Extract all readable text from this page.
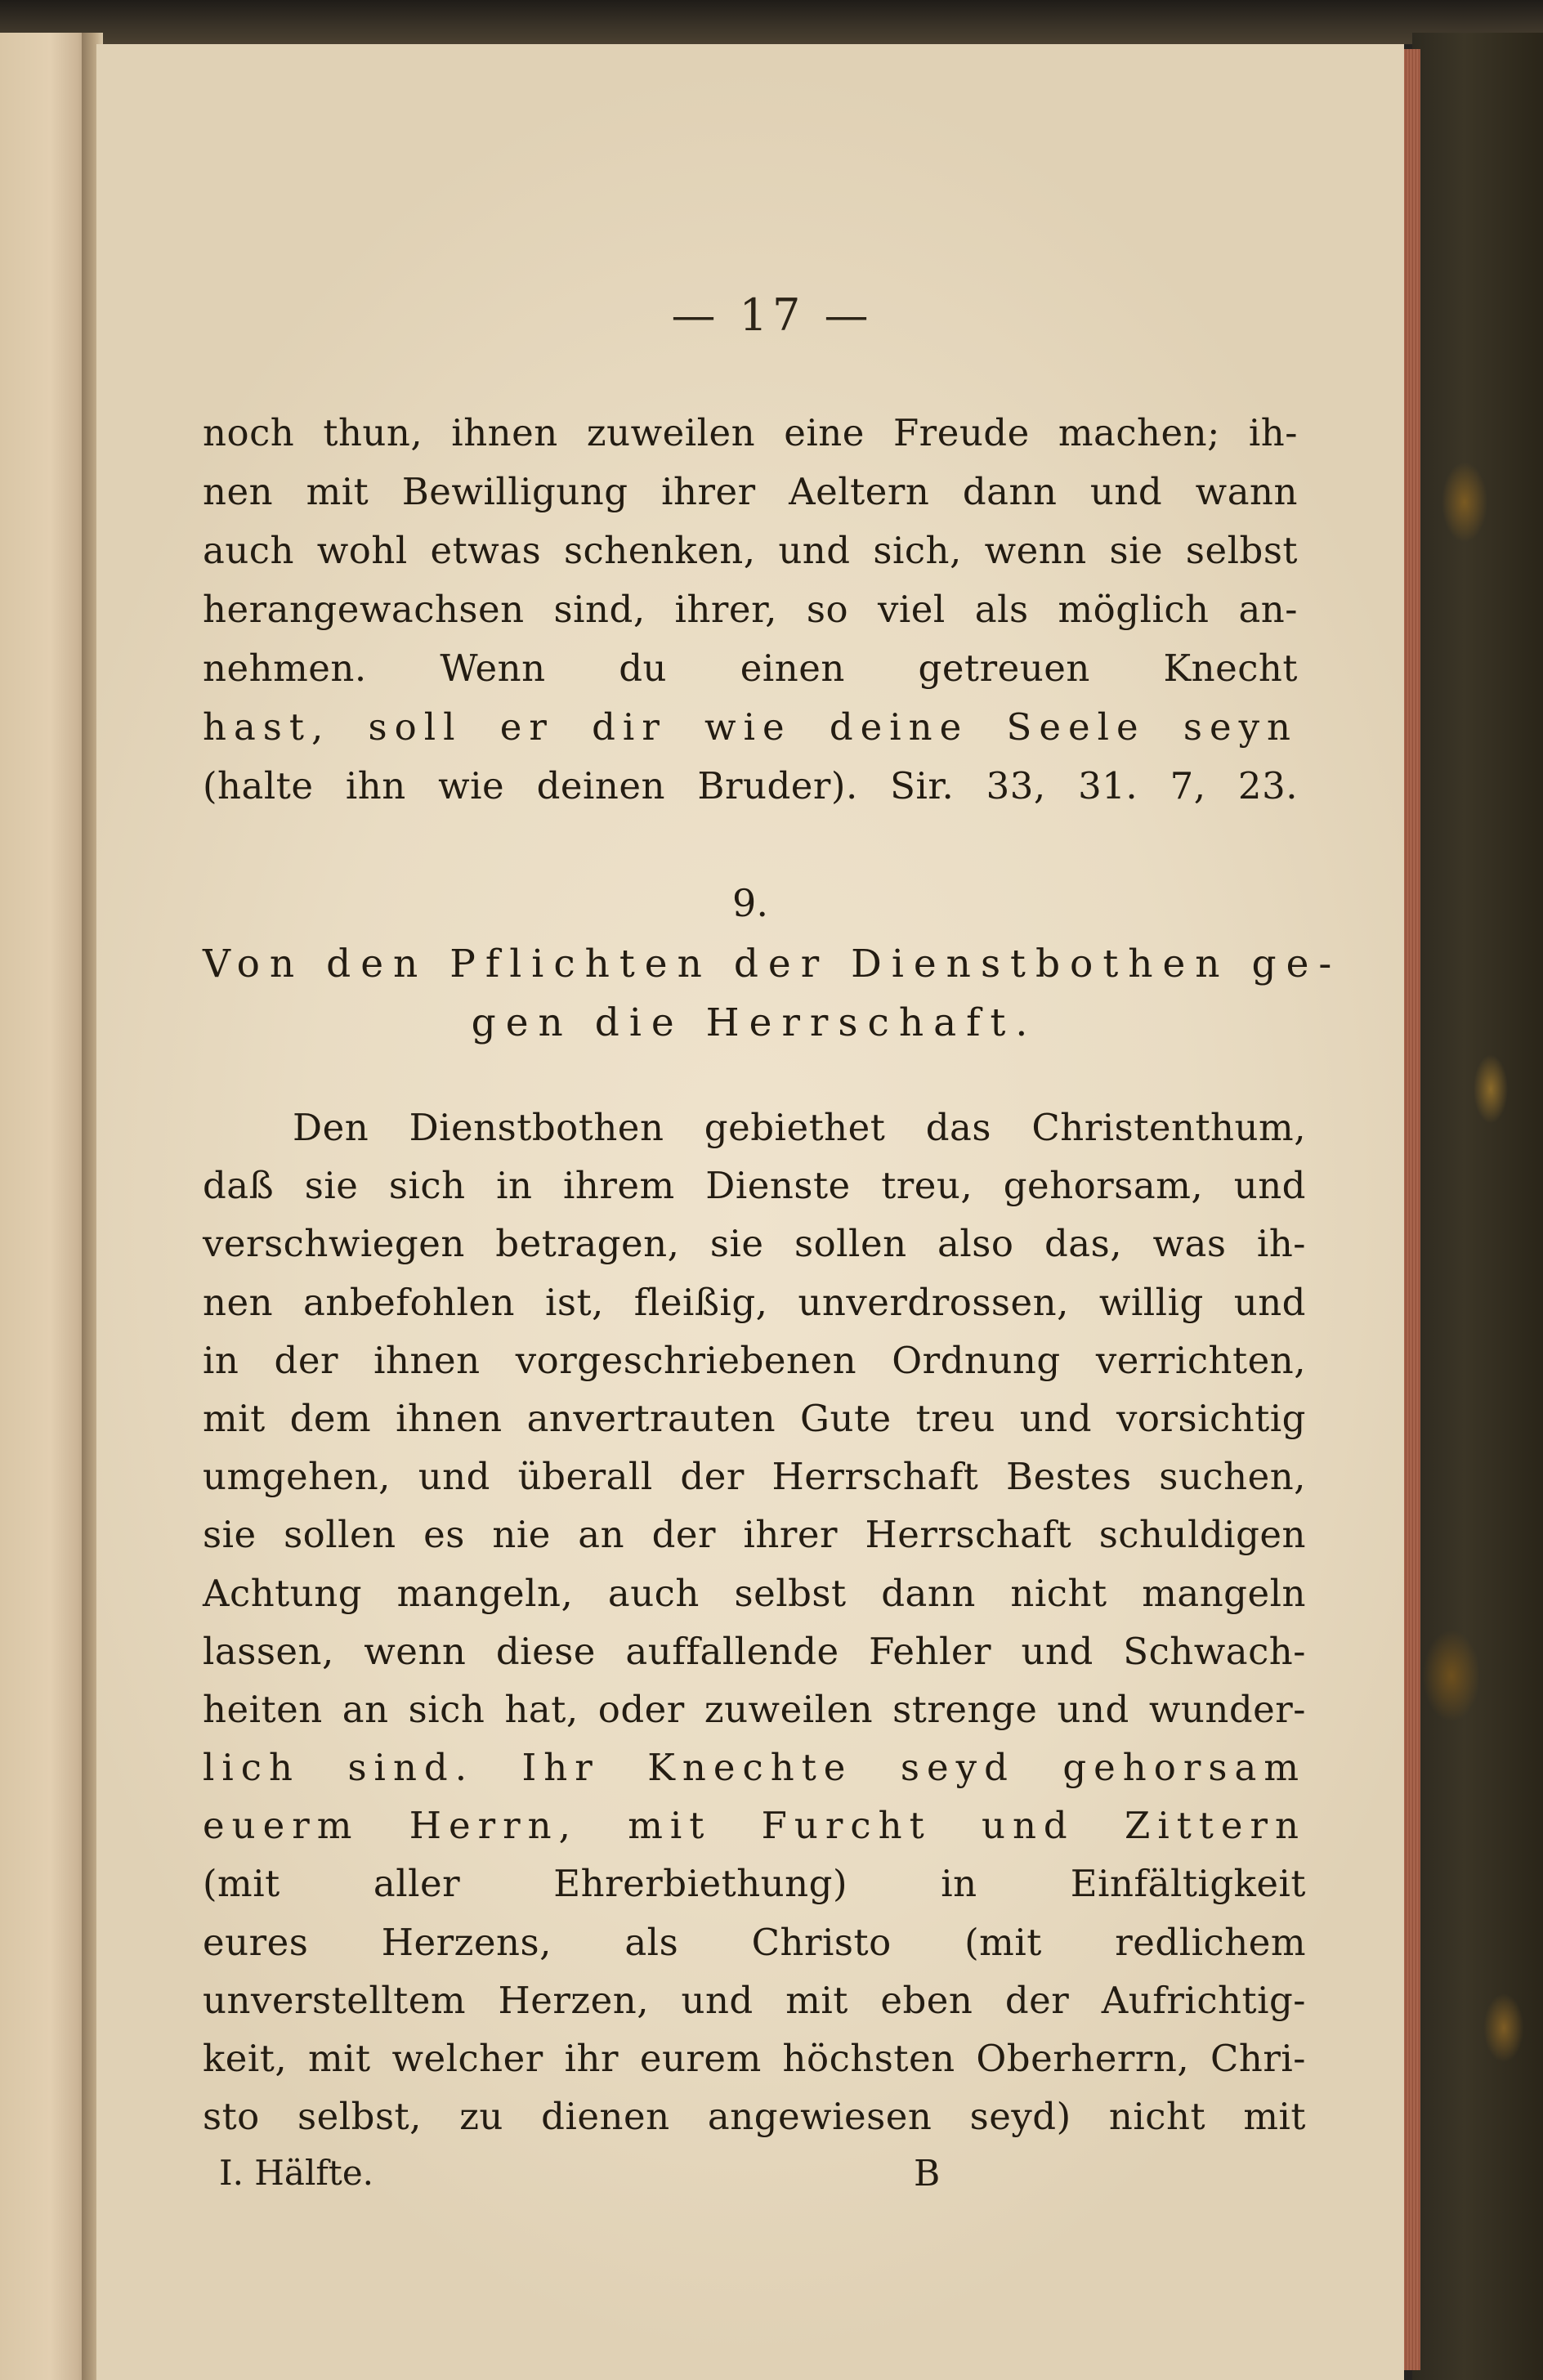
— 17 —
noch thun, ihnen zuweilen eine Freude machen; ih-
nen mit Bewilligung ihrer Aeltern dann und wann
auch wohl etwas schenken, und sich, wenn sie selbst
herangewachsen sind, ihrer, so viel als möglich an-
nehmen. Wenn du einen getreuen Knecht
hast, soll er dir wie deine Seele seyn
(halte ihn wie deinen Bruder). Sir. 33, 31. 7, 23.
9.
Von den Pflichten der Dienstbothen ge-
gen die Herrschaft.
Den Dienstbothen gebiethet das Christenthum,
daß sie sich in ihrem Dienste treu, gehorsam, und
verschwiegen betragen, sie sollen also das, was ih-
nen anbefohlen ist, fleißig, unverdrossen, willig und
in der ihnen vorgeschriebenen Ordnung verrichten,
mit dem ihnen anvertrauten Gute treu und vorsichtig
umgehen, und überall der Herrschaft Bestes suchen,
sie sollen es nie an der ihrer Herrschaft schuldigen
Achtung mangeln, auch selbst dann nicht mangeln
lassen, wenn diese auffallende Fehler und Schwach-
heiten an sich hat, oder zuweilen strenge und wunder-
lich sind. Ihr Knechte seyd gehorsam
euerm Herrn, mit Furcht und Zittern
(mit aller Ehrerbiethung) in Einfältigkeit
eures Herzens, als Christo (mit redlichem
unverstelltem Herzen, und mit eben der Aufrichtig-
keit, mit welcher ihr eurem höchsten Oberherrn, Chri-
sto selbst, zu dienen angewiesen seyd) nicht mit
I. Hälfte.	B
